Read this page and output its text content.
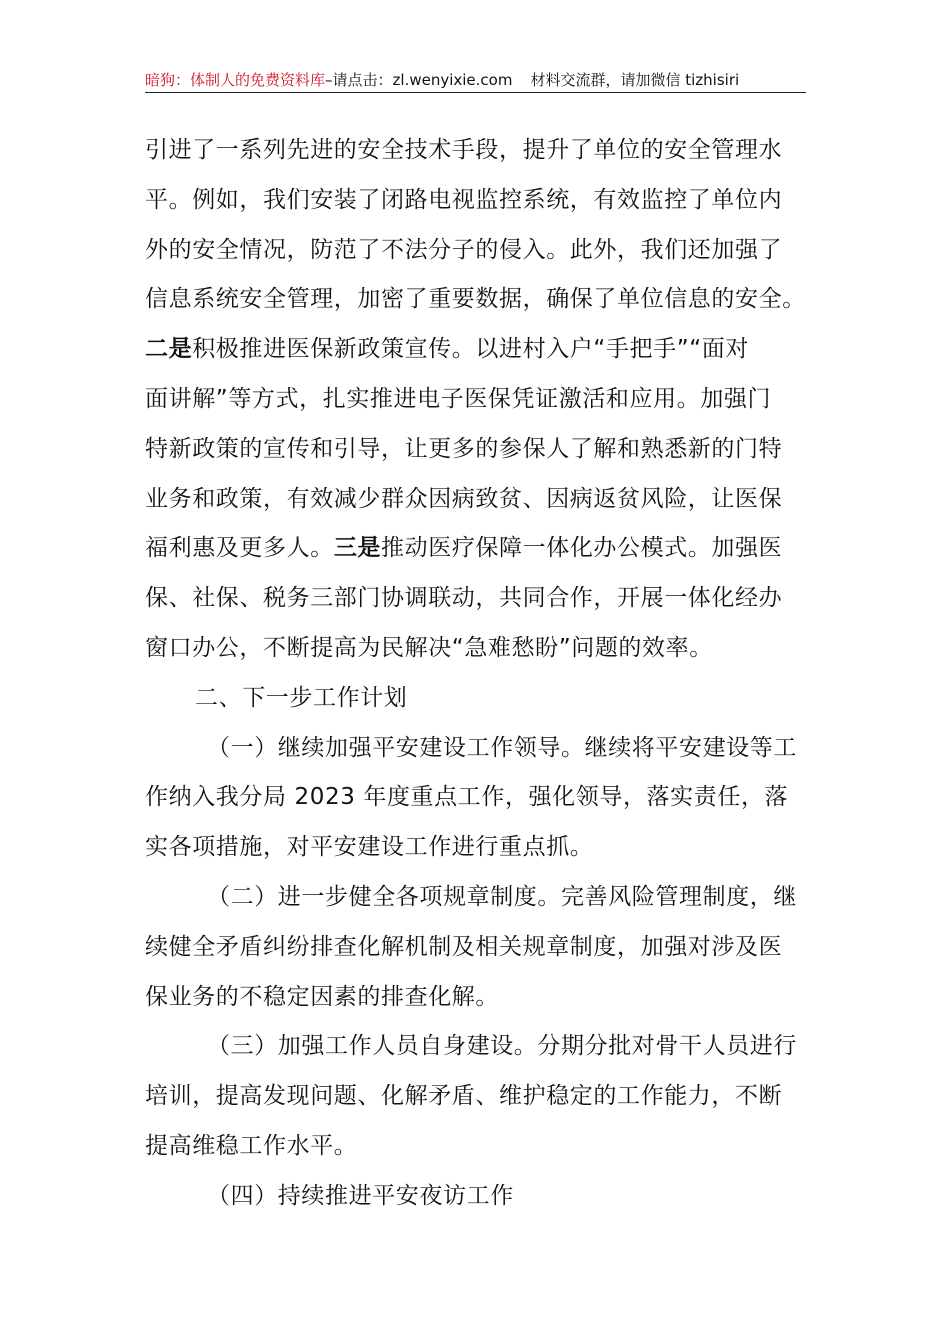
暗狗：体制人的免费资料库–请点击：zl.wenyixie.com 材料交流群，请加微信 tizhisiri
引进了一系列先进的安全技术手段，提升了单位的安全管理水
平。例如，我们安装了闭路电视监控系统，有效监控了单位内
外的安全情况，防范了不法分子的侵入。此外，我们还加强了
信息系统安全管理，加密了重要数据，确保了单位信息的安全。
二是积极推进医保新政策宣传。以进村入户“手把手”“面对
面讲解”等方式，扎实推进电子医保凭证激活和应用。加强门
特新政策的宣传和引导，让更多的参保人了解和熟悉新的门特
业务和政策，有效减少群众因病致贫、因病返贫风险，让医保
福利惠及更多人。三是推动医疗保障一体化办公模式。加强医
保、社保、税务三部门协调联动，共同合作，开展一体化经办
窗口办公，不断提高为民解决“急难愁盼”问题的效率。
二、下一步工作计划
（一）继续加强平安建设工作领导。继续将平安建设等工
作纳入我分局 2023 年度重点工作，强化领导，落实责任，落
实各项措施，对平安建设工作进行重点抓。
（二）进一步健全各项规章制度。完善风险管理制度，继
续健全矛盾纠纷排查化解机制及相关规章制度，加强对涉及医
保业务的不稳定因素的排查化解。
（三）加强工作人员自身建设。分期分批对骨干人员进行
培训，提高发现问题、化解矛盾、维护稳定的工作能力，不断
提高维稳工作水平。
（四）持续推进平安夜访工作
